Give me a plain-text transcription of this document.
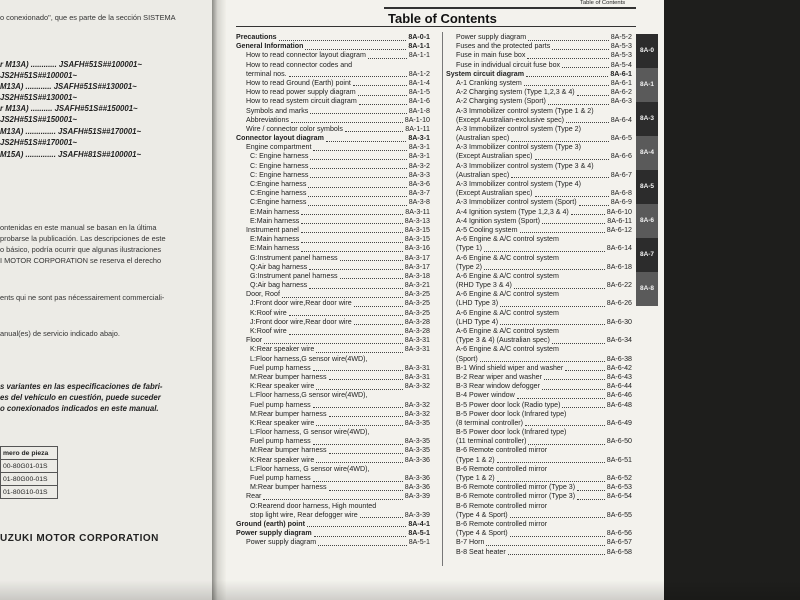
mero de pieza
00-80G01-01S
01-80G00-01S
01-80G10-01S
UZUKI MOTOR CORPORATION
o conexionado", que es parte de la sección SISTEMA
r M13A) ............ JSAFH#51S##100001~
JS2H#51S##100001~
M13A) ............ JSAFH#51S##130001~
JS2H#51S##130001~
r M13A) .......... JSAFH#51S##150001~
JS2H#51S##150001~
M13A) .............. JSAFH#51S##170001~
JS2H#51S##170001~
M15A) .............. JSAFH#81S##100001~
ontenidas en este manual se basan en la última
probarse la publicación. Las descripciones de este
o básico, podría ocurrir que algunas ilustraciones
I MOTOR CORPORATION se reserva el derecho
ents qui ne sont pas nécessairement commerciali-
anual(es) de servicio indicado abajo.
s variantes en las especificaciones de fabri-
es del vehículo en cuestión, puede suceder
o conexionados indicados en este manual.
Table of Contents
Table of Contents
Precautions	8A-0-1
General Information	8A-1-1
How to read connector layout diagram	8A-1-1
How to read connector codes and
terminal nos.	8A-1-2
How to read Ground (Earth) point	8A-1-4
How to read power supply diagram	8A-1-5
How to read system circuit diagram	8A-1-6
Symbols and marks	8A-1-8
Abbreviations	8A-1-10
Wire / connector color symbols	8A-1-11
Connector layout diagram	8A-3-1
Engine compartment	8A-3-1
C: Engine harness	8A-3-1
C: Engine harness	8A-3-2
C: Engine harness	8A-3-3
C:Engine harness	8A-3-6
C:Engine harness	8A-3-7
C:Engine harness	8A-3-8
E:Main harness	8A-3-11
E:Main harness	8A-3-13
Instrument panel	8A-3-15
E:Main harness	8A-3-15
E:Main harness	8A-3-16
G:Instrument panel harness	8A-3-17
Q:Air bag harness	8A-3-17
G:Instrument panel harness	8A-3-18
Q:Air bag harness	8A-3-21
Door, Roof	8A-3-25
J:Front door wire,Rear door wire	8A-3-25
K:Roof wire	8A-3-25
J:Front door wire,Rear door wire	8A-3-28
K:Roof wire	8A-3-28
Floor	8A-3-31
K:Rear speaker wire	8A-3-31
L:Floor harness,G sensor wire(4WD),
Fuel pump harness	8A-3-31
M:Rear bumper harness	8A-3-31
K:Rear speaker wire	8A-3-32
L:Floor harness,G sensor wire(4WD),
Fuel pump harness	8A-3-32
M:Rear bumper harness	8A-3-32
K:Rear speaker wire	8A-3-35
L:Floor harness, G sensor wire(4WD),
Fuel pump harness	8A-3-35
M:Rear bumper harness	8A-3-35
K:Rear speaker wire	8A-3-36
L:Floor harness, G sensor wire(4WD),
Fuel pump harness	8A-3-36
M:Rear bumper harness	8A-3-36
Rear	8A-3-39
O:Rearend door harness, High mounted
stop light wire, Rear defogger wire	8A-3-39
Ground (earth) point	8A-4-1
Power supply diagram	8A-5-1
Power supply diagram	8A-5-1
Power supply diagram	8A-5-2
Fuses and the protected parts	8A-5-3
Fuse in main fuse box	8A-5-3
Fuse in individual circuit fuse box	8A-5-4
System circuit diagram	8A-6-1
A-1 Cranking system	8A-6-1
A-2 Charging system (Type 1,2,3 & 4)	8A-6-2
A-2 Charging system (Sport)	8A-6-3
A-3 Immobilizer control system (Type 1 & 2)
(Except Australian-exclusive spec)	8A-6-4
A-3 Immobilizer control system (Type 2)
(Australian spec)	8A-6-5
A-3 Immobilizer control system (Type 3)
(Except Australian spec)	8A-6-6
A-3 Immobilizer control system (Type 3 & 4)
(Australian spec)	8A-6-7
A-3 Immobilizer control system (Type 4)
(Except Australian spec)	8A-6-8
A-3 Immobilizer control system (Sport)	8A-6-9
A-4 Ignition system (Type 1,2,3 & 4)	8A-6-10
A-4 Ignition system (Sport)	8A-6-11
A-5 Cooling system	8A-6-12
A-6 Engine & A/C control system
(Type 1)	8A-6-14
A-6 Engine & A/C control system
(Type 2)	8A-6-18
A-6 Engine & A/C control system
(RHD Type 3 & 4)	8A-6-22
A-6 Engine & A/C control system
(LHD Type 3)	8A-6-26
A-6 Engine & A/C control system
(LHD Type 4)	8A-6-30
A-6 Engine & A/C control system
(Type 3 & 4) (Australian spec)	8A-6-34
A-6 Engine & A/C control system
(Sport)	8A-6-38
B-1 Wind shield wiper and washer	8A-6-42
B-2 Rear wiper and washer	8A-6-43
B-3 Rear window defogger	8A-6-44
B-4 Power window	8A-6-46
B-5 Power door lock (Radio type)	8A-6-48
B-5 Power door lock (Infrared type)
(8 terminal controller)	8A-6-49
B-5 Power door lock (Infrared type)
(11 terminal controller)	8A-6-50
B-6 Remote controlled mirror
(Type 1 & 2)	8A-6-51
B-6 Remote controlled mirror
(Type 1 & 2)	8A-6-52
B-6 Remote controlled mirror (Type 3)	8A-6-53
B-6 Remote controlled mirror (Type 3)	8A-6-54
B-6 Remote controlled mirror
(Type 4 & Sport)	8A-6-55
B-6 Remote controlled mirror
(Type 4 & Sport)	8A-6-56
B-7 Horn	8A-6-57
B-8 Seat heater	8A-6-58
8A-0
8A-1
8A-3
8A-4
8A-5
8A-6
8A-7
8A-8
